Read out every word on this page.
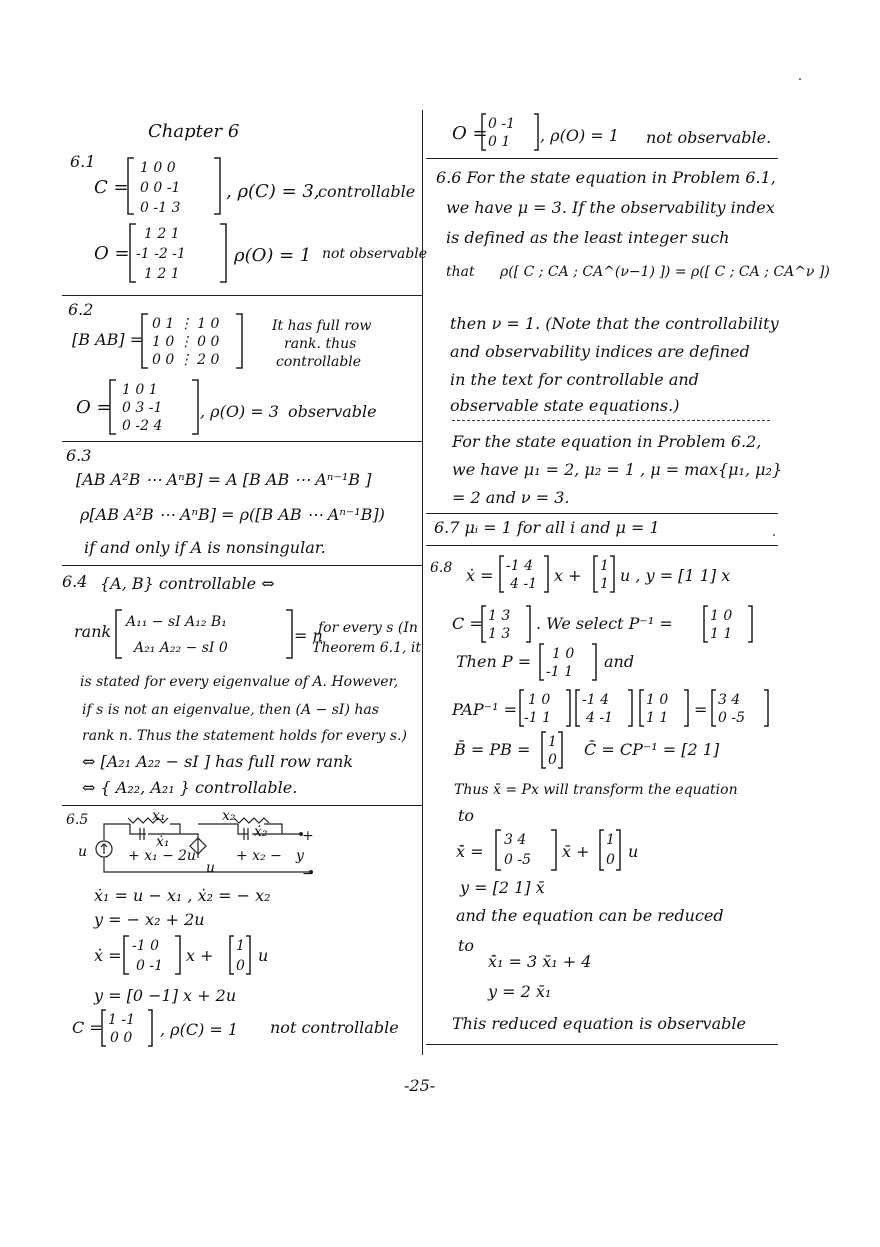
Chapter 6
6.1
C =
1 0 0
0 0 -1
0 -1 3
, ρ(C) = 3,
controllable
O =
1 2 1
-1 -2 -1
1 2 1
ρ(O) = 1 not observable
6.2
[B AB] =
0 1 ⋮ 1 0
1 0 ⋮ 0 0
0 0 ⋮ 2 0
It has full row
rank. thus
controllable
O =
1 0 1
0 3 -1
0 -2 4
, ρ(O) = 3 observable
6.3
[AB A²B ⋯ AⁿB] = A [B AB ⋯ Aⁿ⁻¹B ]
ρ[AB A²B ⋯ AⁿB] = ρ([B AB ⋯ Aⁿ⁻¹B])
if and only if A is nonsingular.
6.4 {A, B} controllable ⇔
rank A₁₁ − sI A₁₂ B₁
A₂₁ A₂₂ − sI 0
= n
for every s (In
Theorem 6.1, it
is stated for every eigenvalue of A. However,
if s is not an eigenvalue, then (A − sI) has
rank n. Thus the statement holds for every s.)
⇔ [A₂₁ A₂₂ − sI ] has full row rank
⇔ { A₂₂, A₂₁ } controllable.
6.5
u
x₁	x₂
+ x₁ −
ẋ₁
+ x₂ −
ẋ₂
2u
u
y
+
−
ẋ₁ = u − x₁ , ẋ₂ = − x₂
y = − x₂ + 2u
ẋ = -1 0
0 -1
x + 1
0
u
y = [0 −1] x + 2u
C = 1 -1
0 0 , ρ(C) = 1 not controllable
O = 0 -1
0 1 , ρ(O) = 1 not observable.
6.6 For the state equation in Problem 6.1,
we have μ = 3. If the observability index
is defined as the least integer such
that ρ([ C ; CA ; CA^(ν−1) ]) = ρ([ C ; CA ; CA^ν ])
then ν = 1. (Note that the controllability
and observability indices are defined
in the text for controllable and
observable state equations.)
For the state equation in Problem 6.2,
we have μ₁ = 2, μ₂ = 1 , μ = max{μ₁, μ₂}
= 2 and ν = 3.
6.7 μᵢ = 1 for all i and μ = 1
6.8 ẋ = -1 4
4 -1 x + 1
1 u , y = [1 1] x
C = 1 3
1 3
. We select P⁻¹ =	1 0
1 1
Then P = 1 0
-1 1
and
PAP⁻¹ = 1 0
-1 1
-1 4
4 -1
1 0
1 1 = 3 4
0 -5
B̄ = PB = 1
0
C̄ = CP⁻¹ = [2 1]
Thus x̄ = Px will transform the equation
to
x̄̇ =
3 4
0 -5 x̄ +
1
0 u
y = [2 1] x̄
and the equation can be reduced
to
x̄̇₁ = 3 x̄₁ + 4
y = 2 x̄₁
This reduced equation is observable
-25-
